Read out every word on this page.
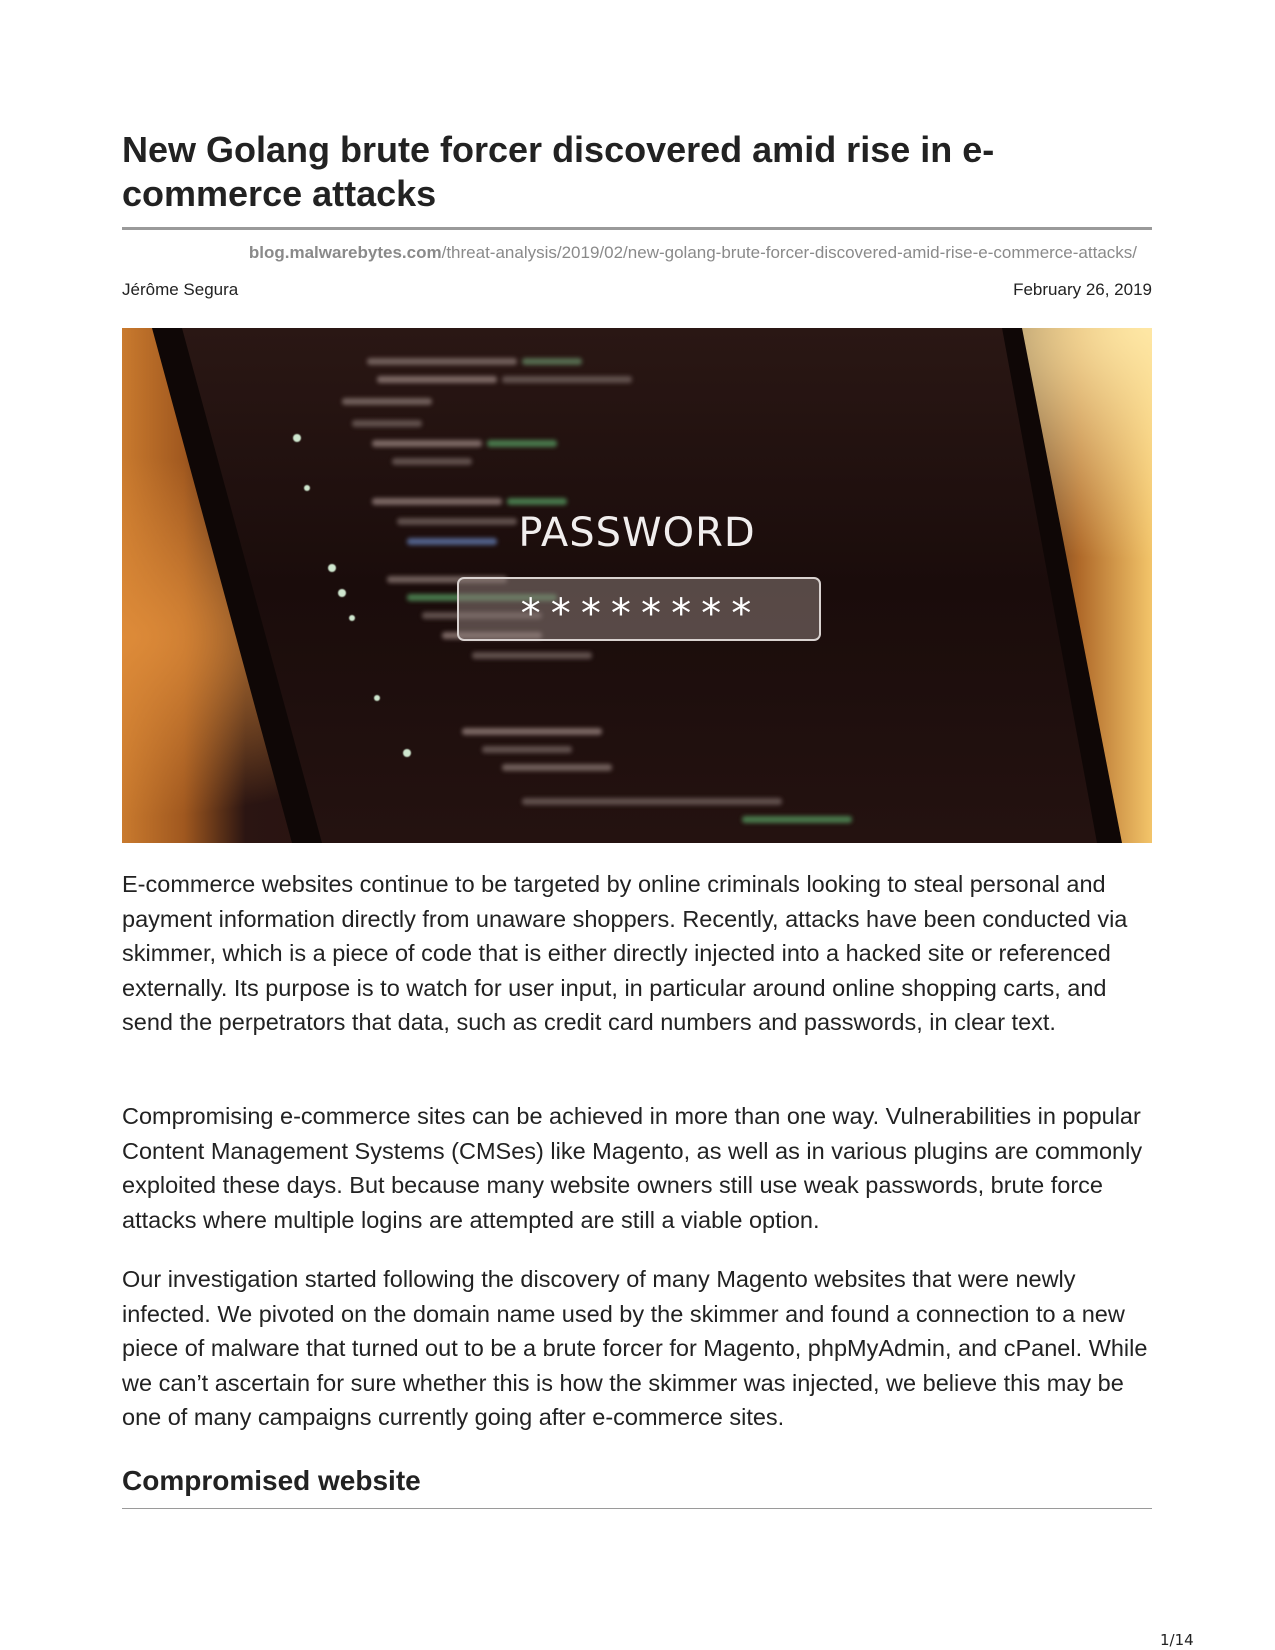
New Golang brute forcer discovered amid rise in e-commerce attacks
blog.malwarebytes.com/threat-analysis/2019/02/new-golang-brute-forcer-discovered-amid-rise-e-commerce-attacks/
Jérôme Segura	February 26, 2019
PASSWORD
********

E-commerce websites continue to be targeted by online criminals looking to steal personal and payment information directly from unaware shoppers. Recently, attacks have been conducted via skimmer, which is a piece of code that is either directly injected into a hacked site or referenced externally. Its purpose is to watch for user input, in particular around online shopping carts, and send the perpetrators that data, such as credit card numbers and passwords, in clear text.

Compromising e-commerce sites can be achieved in more than one way. Vulnerabilities in popular Content Management Systems (CMSes) like Magento, as well as in various plugins are commonly exploited these days. But because many website owners still use weak passwords, brute force attacks where multiple logins are attempted are still a viable option.

Our investigation started following the discovery of many Magento websites that were newly infected. We pivoted on the domain name used by the skimmer and found a connection to a new piece of malware that turned out to be a brute forcer for Magento, phpMyAdmin, and cPanel. While we can’t ascertain for sure whether this is how the skimmer was injected, we believe this may be one of many campaigns currently going after e-commerce sites.

Compromised website
1/14
